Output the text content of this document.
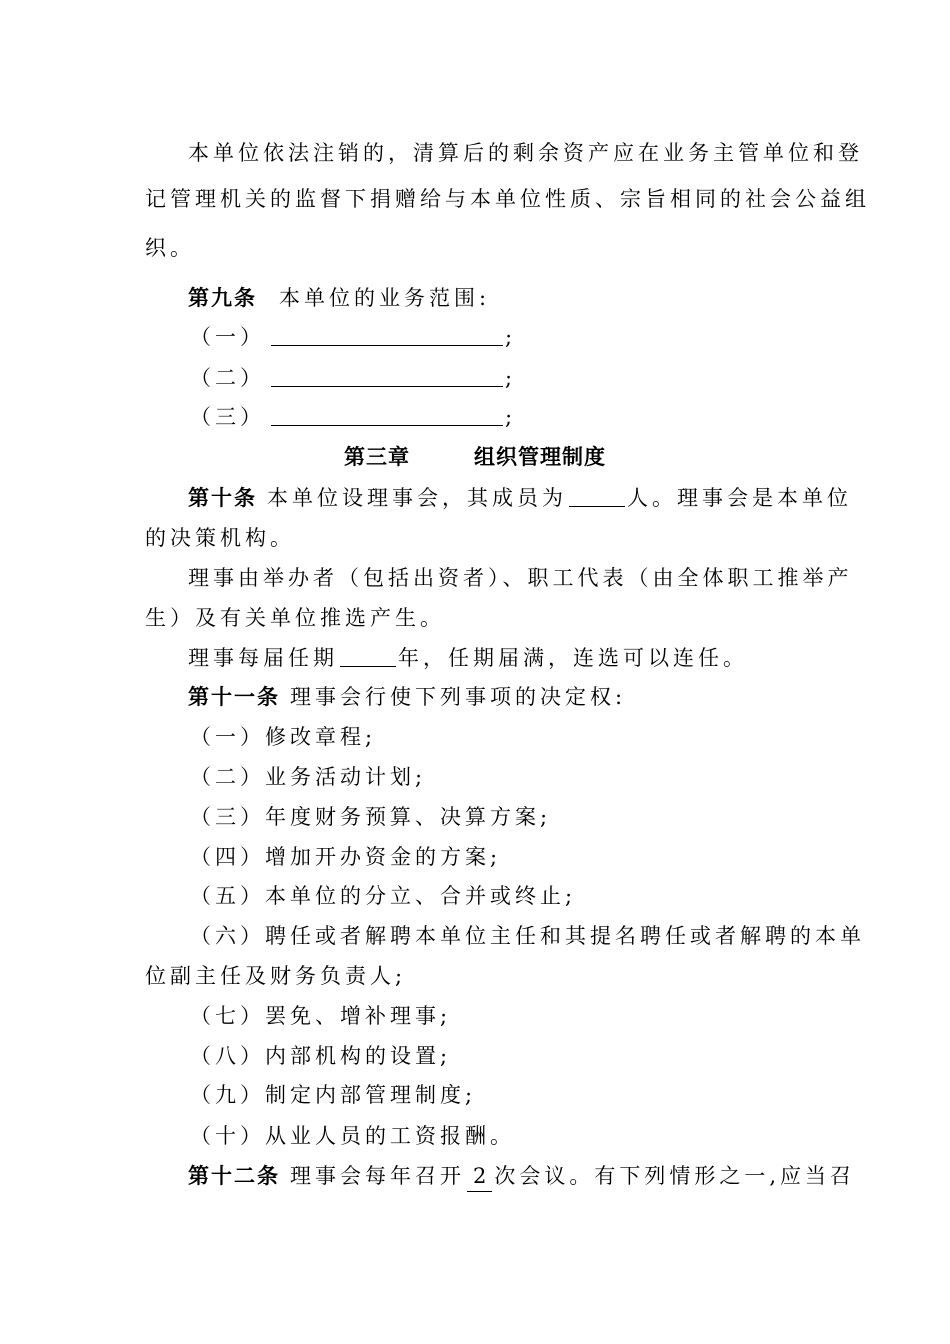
本单位依法注销的，清算后的剩余资产应在业务主管单位和登
记管理机关的监督下捐赠给与本单位性质、宗旨相同的社会公益组
织。
第九条 本单位的业务范围:
（一）	;
（二）	;
（三）	;
第三章	组织管理制度
第十条 本单位设理事会，其成员为	人。理事会是本单位
的决策机构。
理事由举办者（包括出资者）、职工代表（由全体职工推举产
生）及有关单位推选产生。
理事每届任期	年，任期届满，连选可以连任。
第十一条 理事会行使下列事项的决定权:
（一）修改章程;
（二）业务活动计划;
（三）年度财务预算、决算方案;
（四）增加开办资金的方案;
（五）本单位的分立、合并或终止;
（六）聘任或者解聘本单位主任和其提名聘任或者解聘的本单
位副主任及财务负责人;
（七）罢免、增补理事;
（八）内部机构的设置;
（九）制定内部管理制度;
（十）从业人员的工资报酬。
第十二条 理事会每年召开 2 次会议。有下列情形之一,应当召
